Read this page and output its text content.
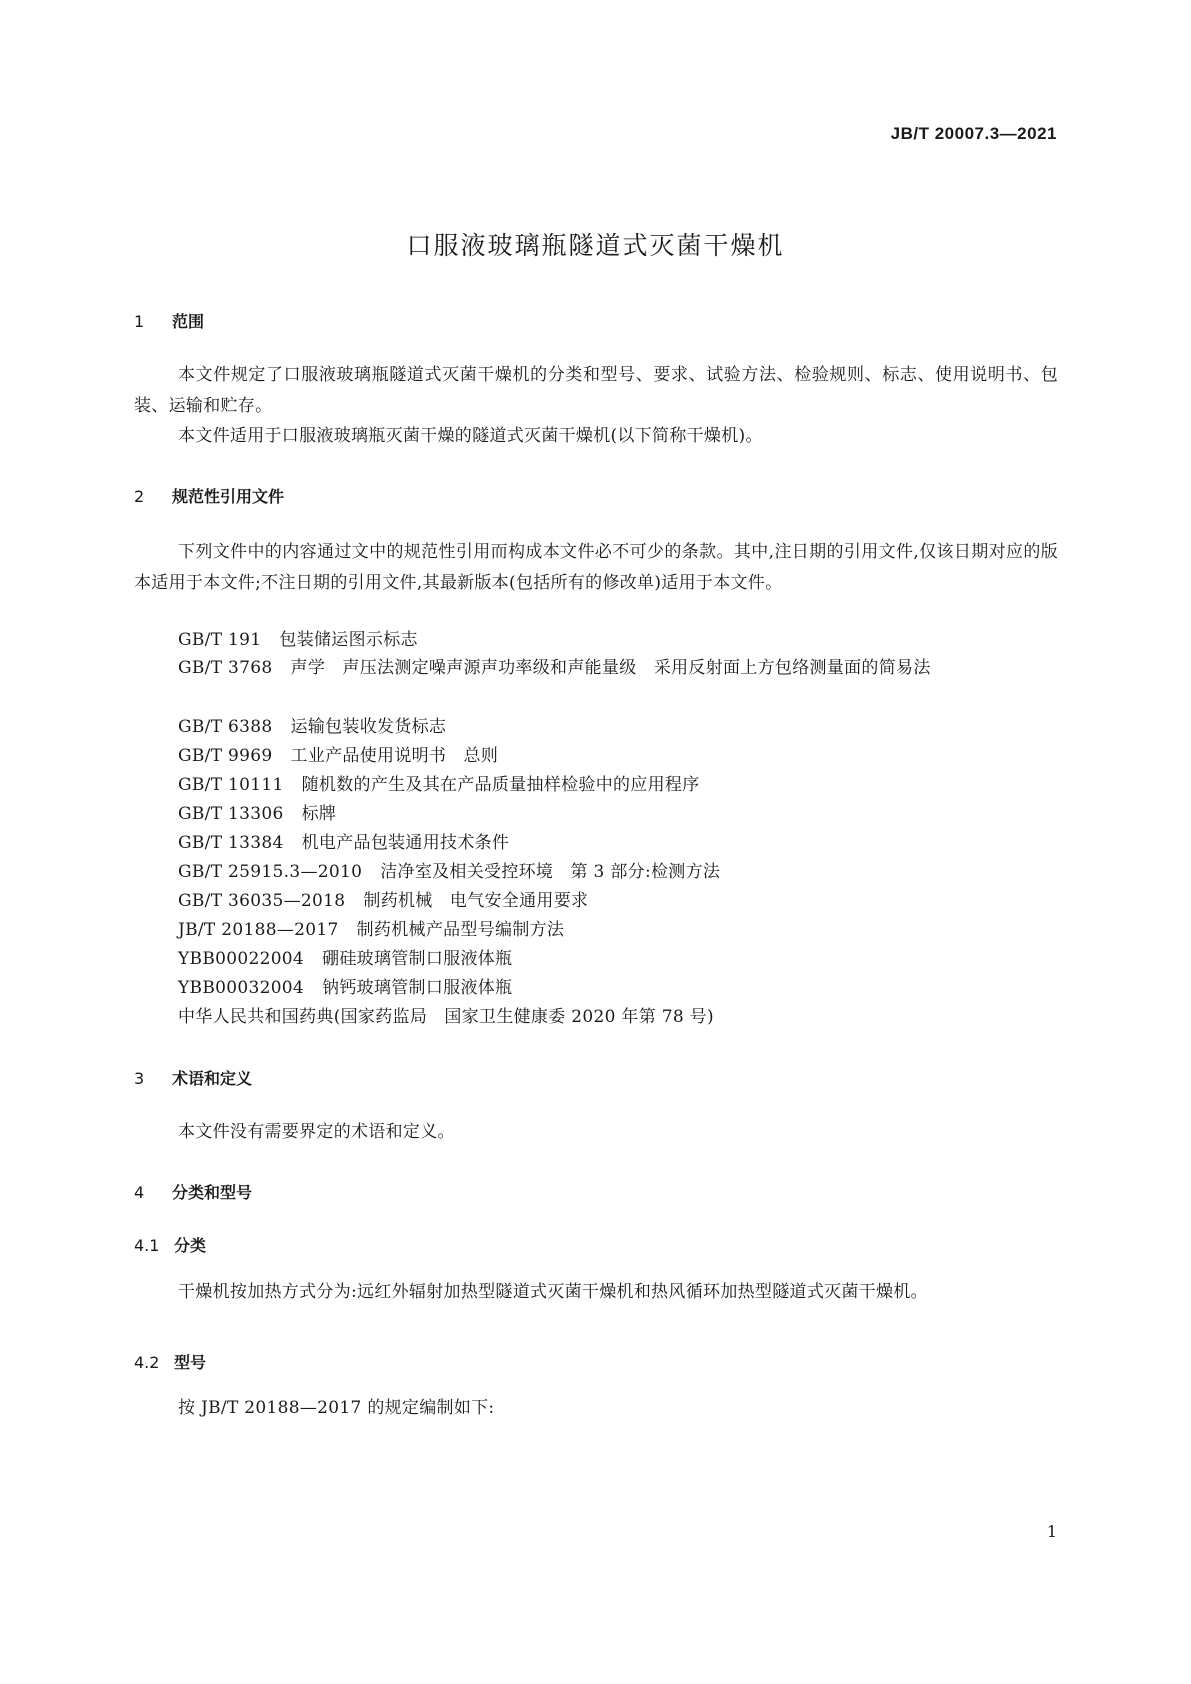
JB/T 20007.3—2021
口服液玻璃瓶隧道式灭菌干燥机
1 范围
本文件规定了口服液玻璃瓶隧道式灭菌干燥机的分类和型号、要求、试验方法、检验规则、标志、使用说明书、包装、运输和贮存。
本文件适用于口服液玻璃瓶灭菌干燥的隧道式灭菌干燥机(以下简称干燥机)。
2 规范性引用文件
下列文件中的内容通过文中的规范性引用而构成本文件必不可少的条款。其中,注日期的引用文件,仅该日期对应的版本适用于本文件;不注日期的引用文件,其最新版本(包括所有的修改单)适用于本文件。
GB/T 191 包装储运图示标志
GB/T 3768 声学　声压法测定噪声源声功率级和声能量级　采用反射面上方包络测量面的简易法
GB/T 6388 运输包装收发货标志
GB/T 9969 工业产品使用说明书　总则
GB/T 10111 随机数的产生及其在产品质量抽样检验中的应用程序
GB/T 13306 标牌
GB/T 13384 机电产品包装通用技术条件
GB/T 25915.3—2010 洁净室及相关受控环境　第 3 部分:检测方法
GB/T 36035—2018 制药机械　电气安全通用要求
JB/T 20188—2017 制药机械产品型号编制方法
YBB00022004 硼硅玻璃管制口服液体瓶
YBB00032004 钠钙玻璃管制口服液体瓶
中华人民共和国药典(国家药监局　国家卫生健康委 2020 年第 78 号)
3 术语和定义
本文件没有需要界定的术语和定义。
4 分类和型号
4.1 分类
干燥机按加热方式分为:远红外辐射加热型隧道式灭菌干燥机和热风循环加热型隧道式灭菌干燥机。
4.2 型号
按 JB/T 20188—2017 的规定编制如下:
1
